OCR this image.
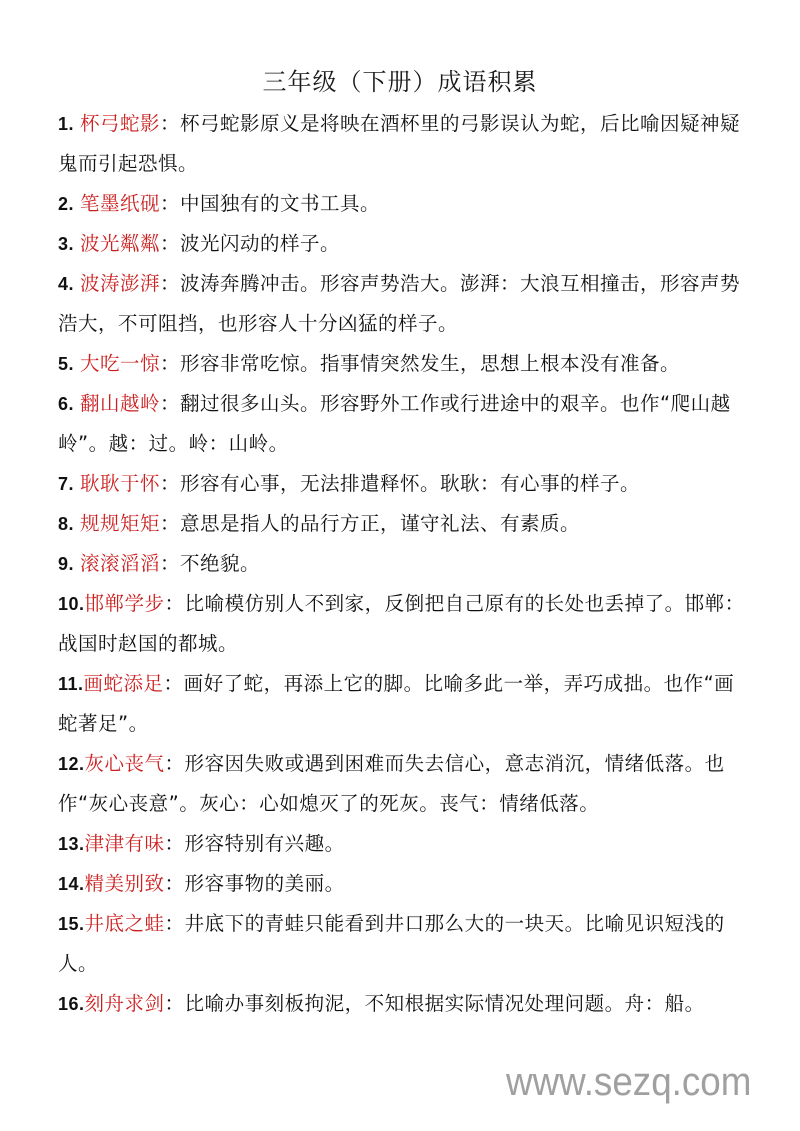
三年级（下册）成语积累

1. 杯弓蛇影：杯弓蛇影原义是将映在酒杯里的弓影误认为蛇，后比喻因疑神疑鬼而引起恐惧。

2. 笔墨纸砚：中国独有的文书工具。

3. 波光粼粼：波光闪动的样子。

4. 波涛澎湃：波涛奔腾冲击。形容声势浩大。澎湃：大浪互相撞击，形容声势浩大，不可阻挡，也形容人十分凶猛的样子。

5. 大吃一惊：形容非常吃惊。指事情突然发生，思想上根本没有准备。

6. 翻山越岭：翻过很多山头。形容野外工作或行进途中的艰辛。也作“爬山越岭”。越：过。岭：山岭。

7. 耿耿于怀：形容有心事，无法排遣释怀。耿耿：有心事的样子。

8. 规规矩矩：意思是指人的品行方正，谨守礼法、有素质。

9. 滚滚滔滔：不绝貌。

10.邯郸学步：比喻模仿别人不到家，反倒把自己原有的长处也丢掉了。邯郸：战国时赵国的都城。

11.画蛇添足：画好了蛇，再添上它的脚。比喻多此一举，弄巧成拙。也作“画蛇著足”。

12.灰心丧气：形容因失败或遇到困难而失去信心，意志消沉，情绪低落。也作“灰心丧意”。灰心：心如熄灭了的死灰。丧气：情绪低落。

13.津津有味：形容特别有兴趣。

14.精美别致：形容事物的美丽。

15.井底之蛙：井底下的青蛙只能看到井口那么大的一块天。比喻见识短浅的人。

16.刻舟求剑：比喻办事刻板拘泥，不知根据实际情况处理问题。舟：船。

www.sezq.com
